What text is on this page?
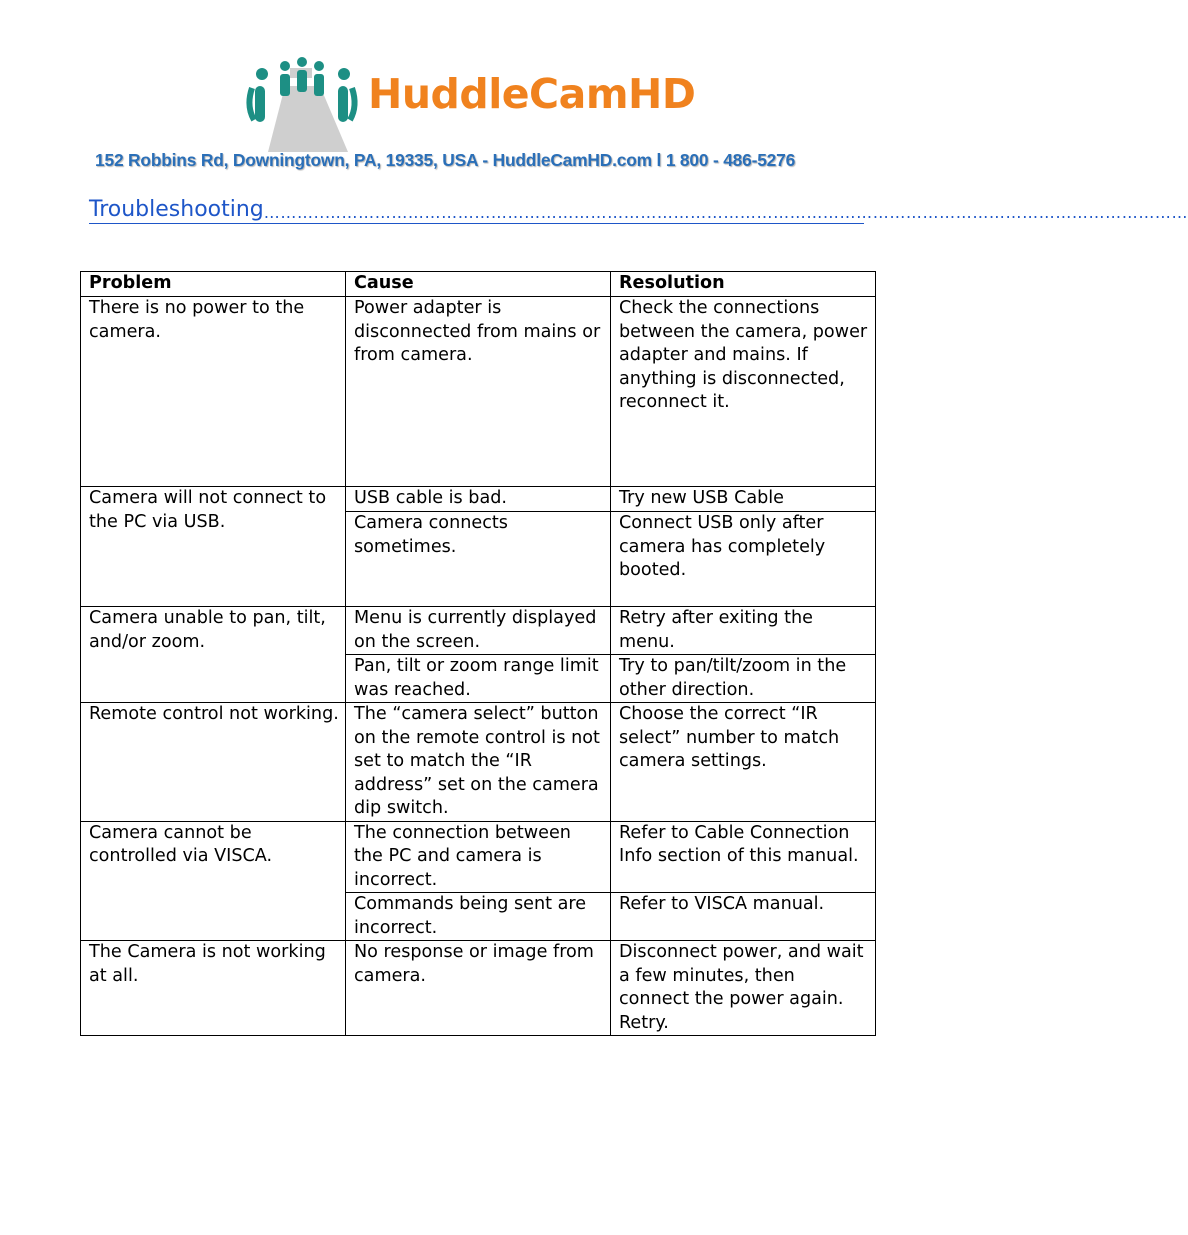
HuddleCamHD
152 Robbins Rd, Downingtown, PA, 19335, USA - HuddleCamHD.com l 1 800 - 486-5276
Troubleshooting ………..…………………………………………………………………………………………………………………………………………
Problem	Cause	Resolution
There is no power to the camera.	Power adapter is disconnected from mains or from camera.	Check the connections between the camera, power adapter and mains. If anything is disconnected, reconnect it.
Camera will not connect to the PC via USB.	USB cable is bad.	Try new USB Cable
	Camera connects sometimes.	Connect USB only after camera has completely booted.
Camera unable to pan, tilt, and/or zoom.	Menu is currently displayed on the screen.	Retry after exiting the menu.
	Pan, tilt or zoom range limit was reached.	Try to pan/tilt/zoom in the other direction.
Remote control not working.	The “camera select” button on the remote control is not set to match the “IR address” set on the camera dip switch.	Choose the correct “IR select” number to match camera settings.
Camera cannot be controlled via VISCA.	The connection between the PC and camera is incorrect.	Refer to Cable Connection Info section of this manual.
	Commands being sent are incorrect.	Refer to VISCA manual.
The Camera is not working at all.	No response or image from camera.	Disconnect power, and wait a few minutes, then connect the power again. Retry.
